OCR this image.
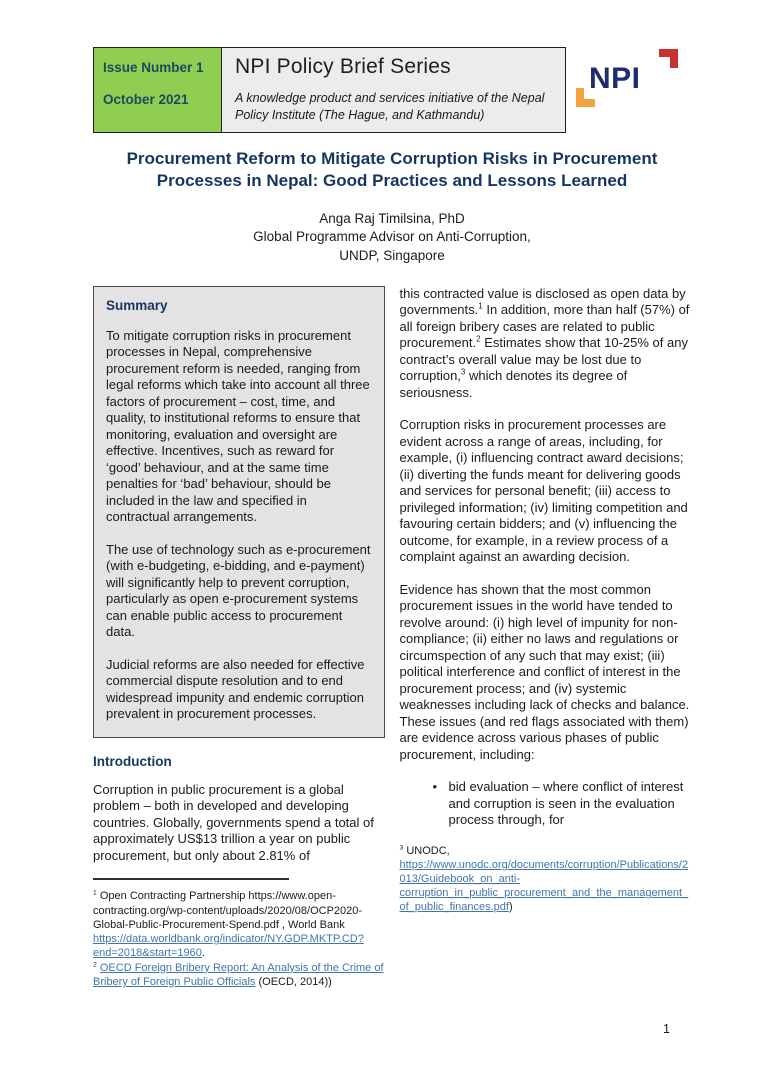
Issue Number 1
October 2021
NPI Policy Brief Series
A knowledge product and services initiative of the Nepal Policy Institute (The Hague, and Kathmandu)
NPI
Procurement Reform to Mitigate Corruption Risks in Procurement Processes in Nepal: Good Practices and Lessons Learned
Anga Raj Timilsina, PhD
Global Programme Advisor on Anti-Corruption,
UNDP, Singapore
Summary

To mitigate corruption risks in procurement processes in Nepal, comprehensive procurement reform is needed, ranging from legal reforms which take into account all three factors of procurement – cost, time, and quality, to institutional reforms to ensure that monitoring, evaluation and oversight are effective. Incentives, such as reward for ‘good’ behaviour, and at the same time penalties for ‘bad’ behaviour, should be included in the law and specified in contractual arrangements.

The use of technology such as e-procurement (with e-budgeting, e-bidding, and e-payment) will significantly help to prevent corruption, particularly as open e-procurement systems can enable public access to procurement data.

Judicial reforms are also needed for effective commercial dispute resolution and to end widespread impunity and endemic corruption prevalent in procurement processes.

Introduction

Corruption in public procurement is a global problem – both in developed and developing countries. Globally, governments spend a total of approximately US$13 trillion a year on public procurement, but only about 2.81% of

$^1$ Open Contracting Partnership https://www.open-contracting.org/wp-content/uploads/2020/08/OCP2020-Global-Public-Procurement-Spend.pdf , World Bank https://data.worldbank.org/indicator/NY.GDP.MKTP.CD?end=2018&start=1960.

$^2$ OECD Foreign Bribery Report: An Analysis of the Crime of Bribery of Foreign Public Officials (OECD, 2014))

this contracted value is disclosed as open data by governments.$^1$ In addition, more than half (57%) of all foreign bribery cases are related to public procurement.$^2$ Estimates show that 10-25% of any contract’s overall value may be lost due to corruption,$^3$ which denotes its degree of seriousness.

Corruption risks in procurement processes are evident across a range of areas, including, for example, (i) influencing contract award decisions; (ii) diverting the funds meant for delivering goods and services for personal benefit; (iii) access to privileged information; (iv) limiting competition and favouring certain bidders; and (v) influencing the outcome, for example, in a review process of a complaint against an awarding decision.

Evidence has shown that the most common procurement issues in the world have tended to revolve around: (i) high level of impunity for non-compliance; (ii) either no laws and regulations or circumspection of any such that may exist; (iii) political interference and conflict of interest in the procurement process; and (iv) systemic weaknesses including lack of checks and balance. These issues (and red flags associated with them) are evidence across various phases of public procurement, including:

• bid evaluation – where conflict of interest and corruption is seen in the evaluation process through, for

$^3$ UNODC, https://www.unodc.org/documents/corruption/Publications/2013/Guidebook_on_anti-corruption_in_public_procurement_and_the_management_of_public_finances.pdf)

1
